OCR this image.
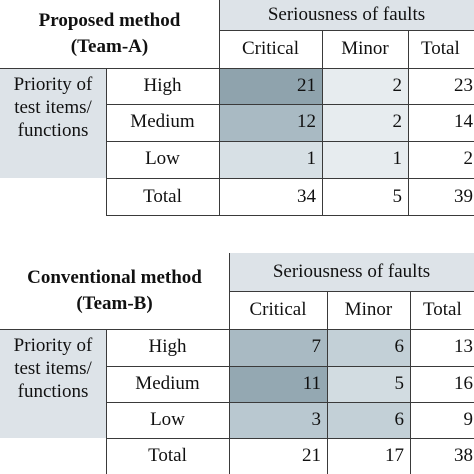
Proposed method
(Team-A)
Seriousness of faults
Critical	Minor	Total
Priority of
test items/
functions
High	21	2	23
Medium	12	2	14
Low	1	1	2
Total	34	5	39
Conventional method
(Team-B)
Seriousness of faults
Critical	Minor	Total
Priority of
test items/
functions
High	7	6	13
Medium	11	5	16
Low	3	6	9
Total	21	17	38
